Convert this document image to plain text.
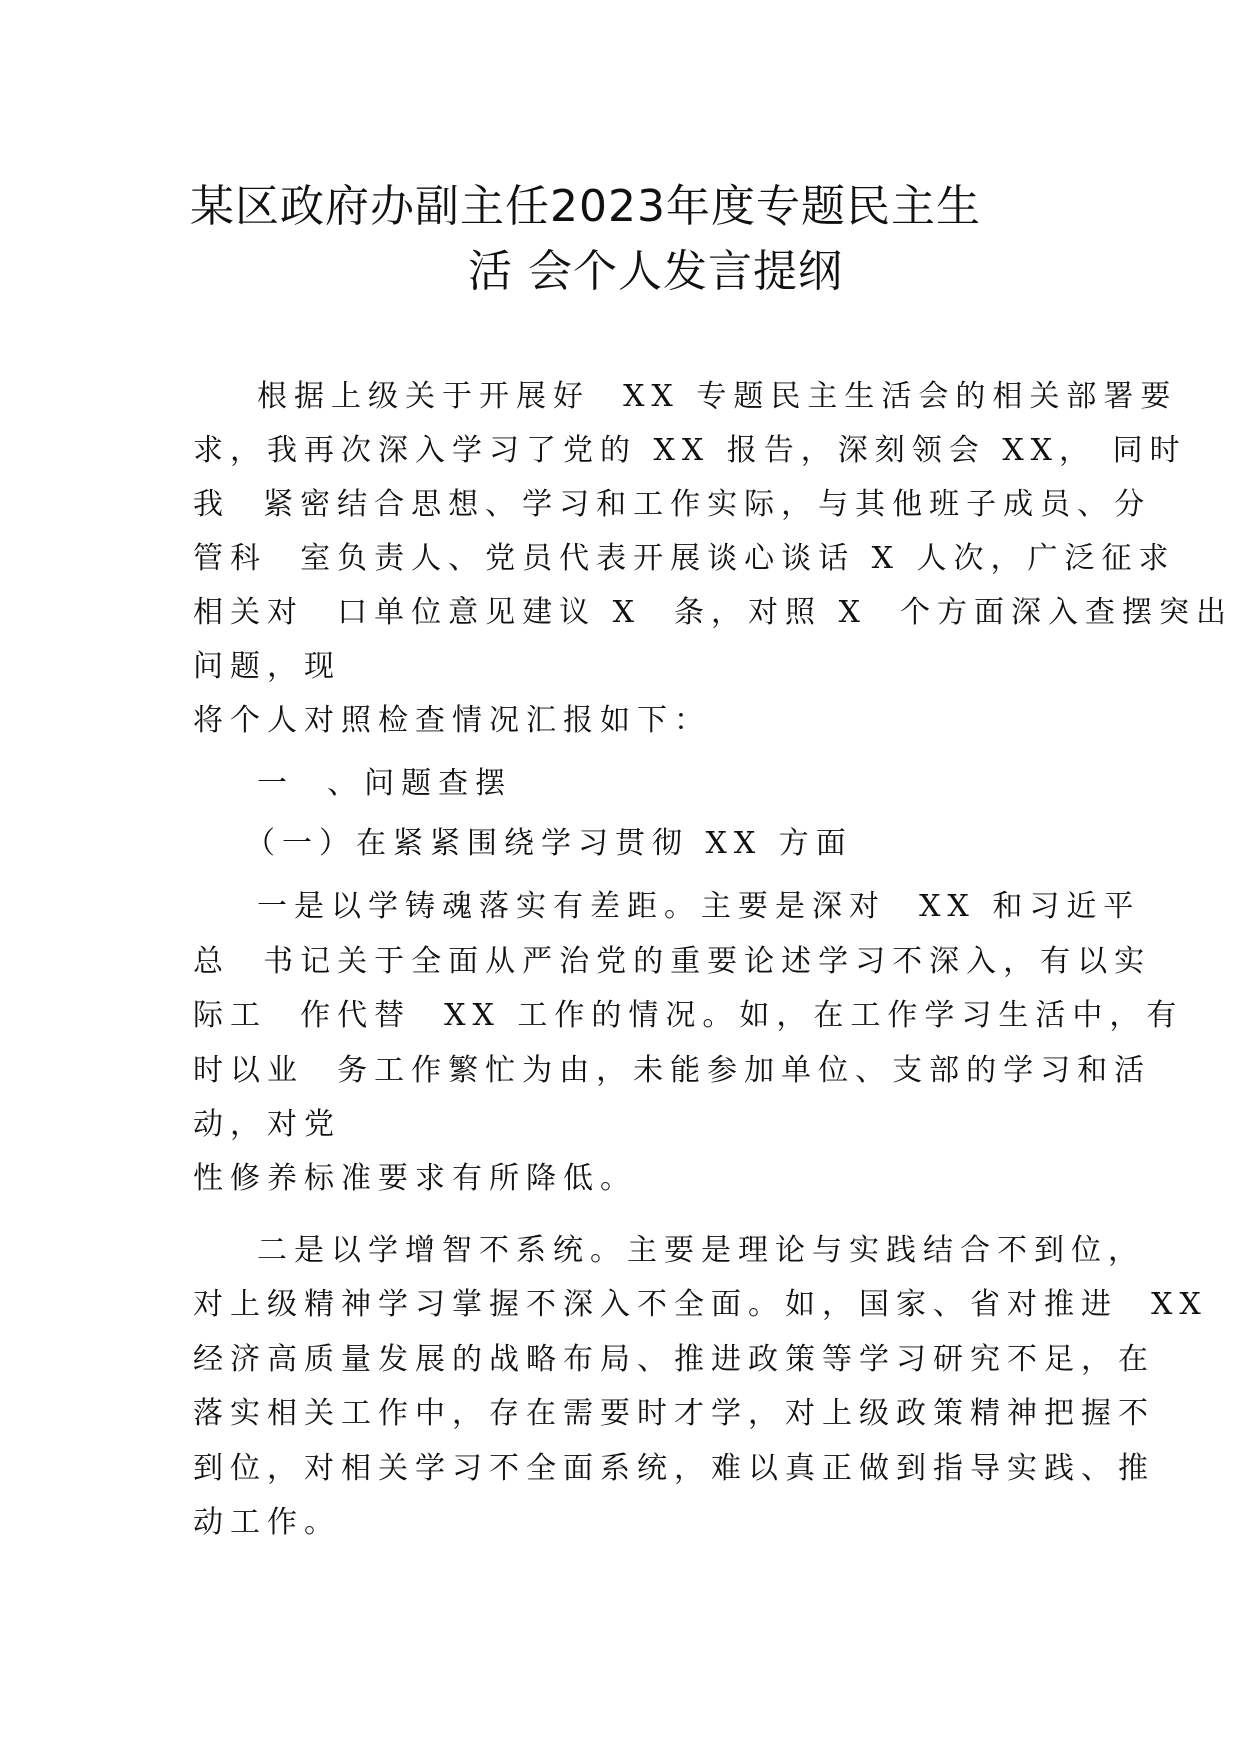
某区政府办副主任2023年度专题民主生
活 会个人发言提纲
根据上级关于开展好  XX 专题民主生活会的相关部署要
求，我再次深入学习了党的 XX 报告，深刻领会 XX， 同时
我  紧密结合思想、学习和工作实际，与其他班子成员、分
管科  室负责人、党员代表开展谈心谈话 X 人次，广泛征求
相关对  口单位意见建议 X  条，对照 X  个方面深入查摆突出
问题，现
将个人对照检查情况汇报如下：
一  、问题查摆
（一）在紧紧围绕学习贯彻 XX 方面
一是以学铸魂落实有差距。主要是深对  XX 和习近平
总  书记关于全面从严治党的重要论述学习不深入，有以实
际工  作代替  XX 工作的情况。如，在工作学习生活中，有
时以业  务工作繁忙为由，未能参加单位、支部的学习和活
动，对党
性修养标准要求有所降低。
二是以学增智不系统。主要是理论与实践结合不到位，
对上级精神学习掌握不深入不全面。如，国家、省对推进  XX
经济高质量发展的战略布局、推进政策等学习研究不足，在
落实相关工作中，存在需要时才学，对上级政策精神把握不
到位，对相关学习不全面系统，难以真正做到指导实践、推
动工作。
